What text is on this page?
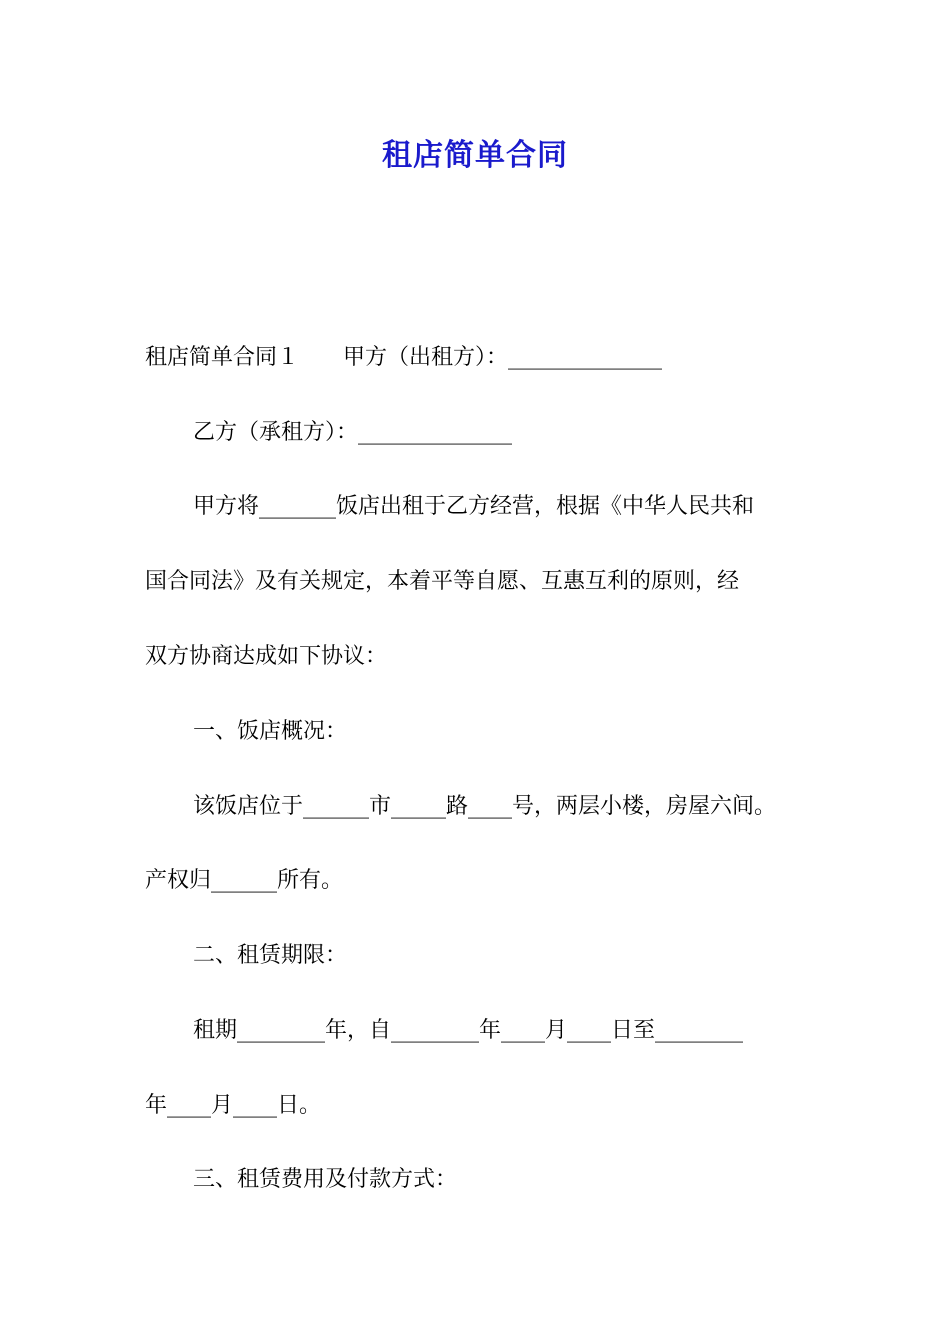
租店简单合同
租店简单合同１　　甲方（出租方）：______________
乙方（承租方）：______________
甲方将_______饭店出租于乙方经营，根据《中华人民共和
国合同法》及有关规定，本着平等自愿、互惠互利的原则，经
双方协商达成如下协议：
一、饭店概况：
该饭店位于______市_____路____号，两层小楼，房屋六间。
产权归______所有。
二、租赁期限：
租期________年，自________年____月____日至________
年____月____日。
三、租赁费用及付款方式：
